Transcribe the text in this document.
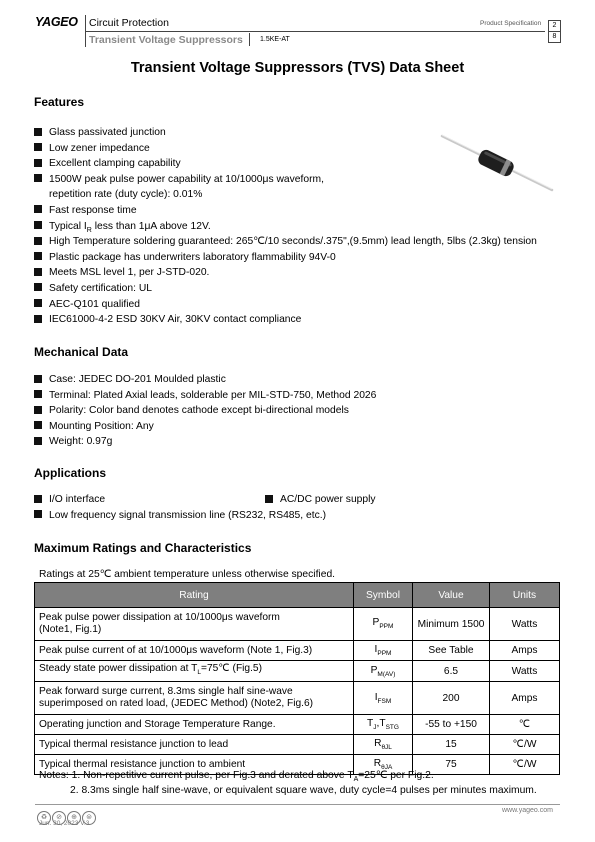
YAGEO Circuit Protection
Transient Voltage Suppressors 1.5KE-AT
Product Specification	2
8
Transient Voltage Suppressors (TVS) Data Sheet
Features
Glass passivated junction
Low zener impedance
Excellent clamping capability
1500W peak pulse power capability at 10/1000μs waveform,
repetition rate (duty cycle): 0.01%
Fast response time
Typical $I_R$ less than 1μA above 12V.
High Temperature soldering guaranteed: 265℃/10 seconds/.375",(9.5mm) lead length, 5lbs (2.3kg) tension
Plastic package has underwriters laboratory flammability 94V-0
Meets MSL level 1, per J-STD-020.
Safety certification: UL
AEC-Q101 qualified
IEC61000-4-2 ESD 30KV Air, 30KV contact compliance
Mechanical Data
Case: JEDEC DO-201 Moulded plastic
Terminal: Plated Axial leads, solderable per MIL-STD-750, Method 2026
Polarity: Color band denotes cathode except bi-directional models
Mounting Position: Any
Weight: 0.97g
Applications
I/O interface	AC/DC power supply
Low frequency signal transmission line (RS232, RS485, etc.)
Maximum Ratings and Characteristics
Ratings at 25℃ ambient temperature unless otherwise specified.
Rating	Symbol	Value	Units
Peak pulse power dissipation at 10/1000μs waveform
(Note1, Fig.1)	$P_{PPM}$	Minimum 1500	Watts
Peak pulse current of at 10/1000μs waveform (Note 1, Fig.3)	$I_{PPM}$	See Table	Amps
Steady state power dissipation at $T_L=75℃$ (Fig.5)	$P_{M(AV)}$	6.5	Watts
Peak forward surge current, 8.3ms single half sine-wave
superimposed on rated load, (JEDEC Method) (Note2, Fig.6)	$I_{FSM}$	200	Amps
Operating junction and Storage Temperature Range.	$T_J,T_{STG}$	-55 to +150	℃
Typical thermal resistance junction to lead	$R_{\theta JL}$	15	℃/W
Typical thermal resistance junction to ambient	$R_{\theta JA}$	75	℃/W
Notes: 1. Non-repetitive current pulse, per Fig.3 and derated above $T_A=25℃$ per Fig.2.
2. 8.3ms single half sine-wave, or equivalent square wave, duty cycle=4 pulses per minutes maximum.
♻ ⊘ ⊕ ⊜
Jun. 30, 2023 V.3
www.yageo.com
